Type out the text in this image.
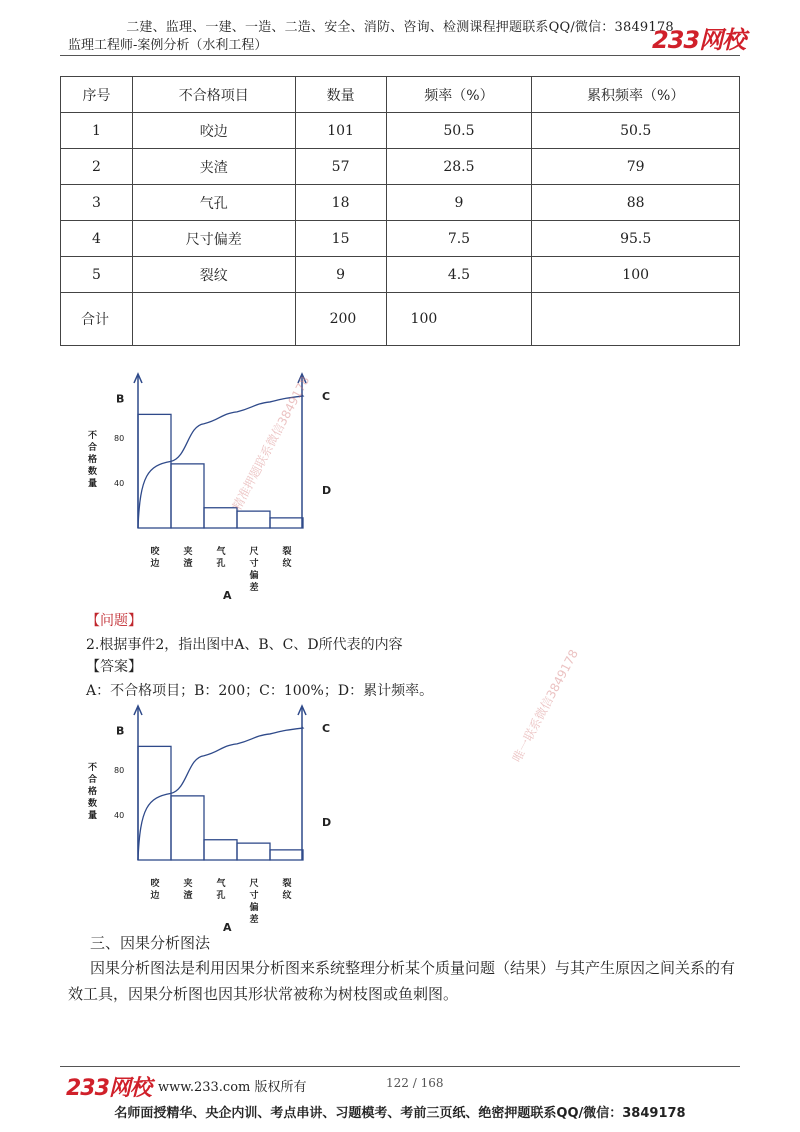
二建、监理、一建、一造、二造、安全、消防、咨询、检测课程押题联系QQ/微信：3849178
监理工程师-案例分析（水利工程）	233网校
序号	不合格项目	数量	频率（%）	累积频率（%）
1	咬边	101	50.5	50.5
2	夹渣	57	28.5	79
3	气孔	18	9	88
4	尺寸偏差	15	7.5	95.5
5	裂纹	9	4.5	100
合计		200	100	
B	C
D
A
80
40
不
合
格
数
量
咬
边
夹
渣
气
孔
尺
寸
偏
差
裂
纹
精准押题联系微信3849178
【问题】
2.根据事件2，指出图中A、B、C、D所代表的内容
【答案】
A：不合格项目；B：200；C：100%；D：累计频率。
B	C
D
A
80
40
不
合
格
数
量
咬
边
夹
渣
气
孔
尺
寸
偏
差
裂
纹
唯一联系微信3849178
三、因果分析图法
因果分析图法是利用因果分析图来系统整理分析某个质量问题（结果）与其产生原因之间关系的有效工具，因果分析图也因其形状常被称为树枝图或鱼刺图。
233网校 www.233.com 版权所有	122 / 168
名师面授精华、央企内训、考点串讲、习题模考、考前三页纸、绝密押题联系QQ/微信：3849178
